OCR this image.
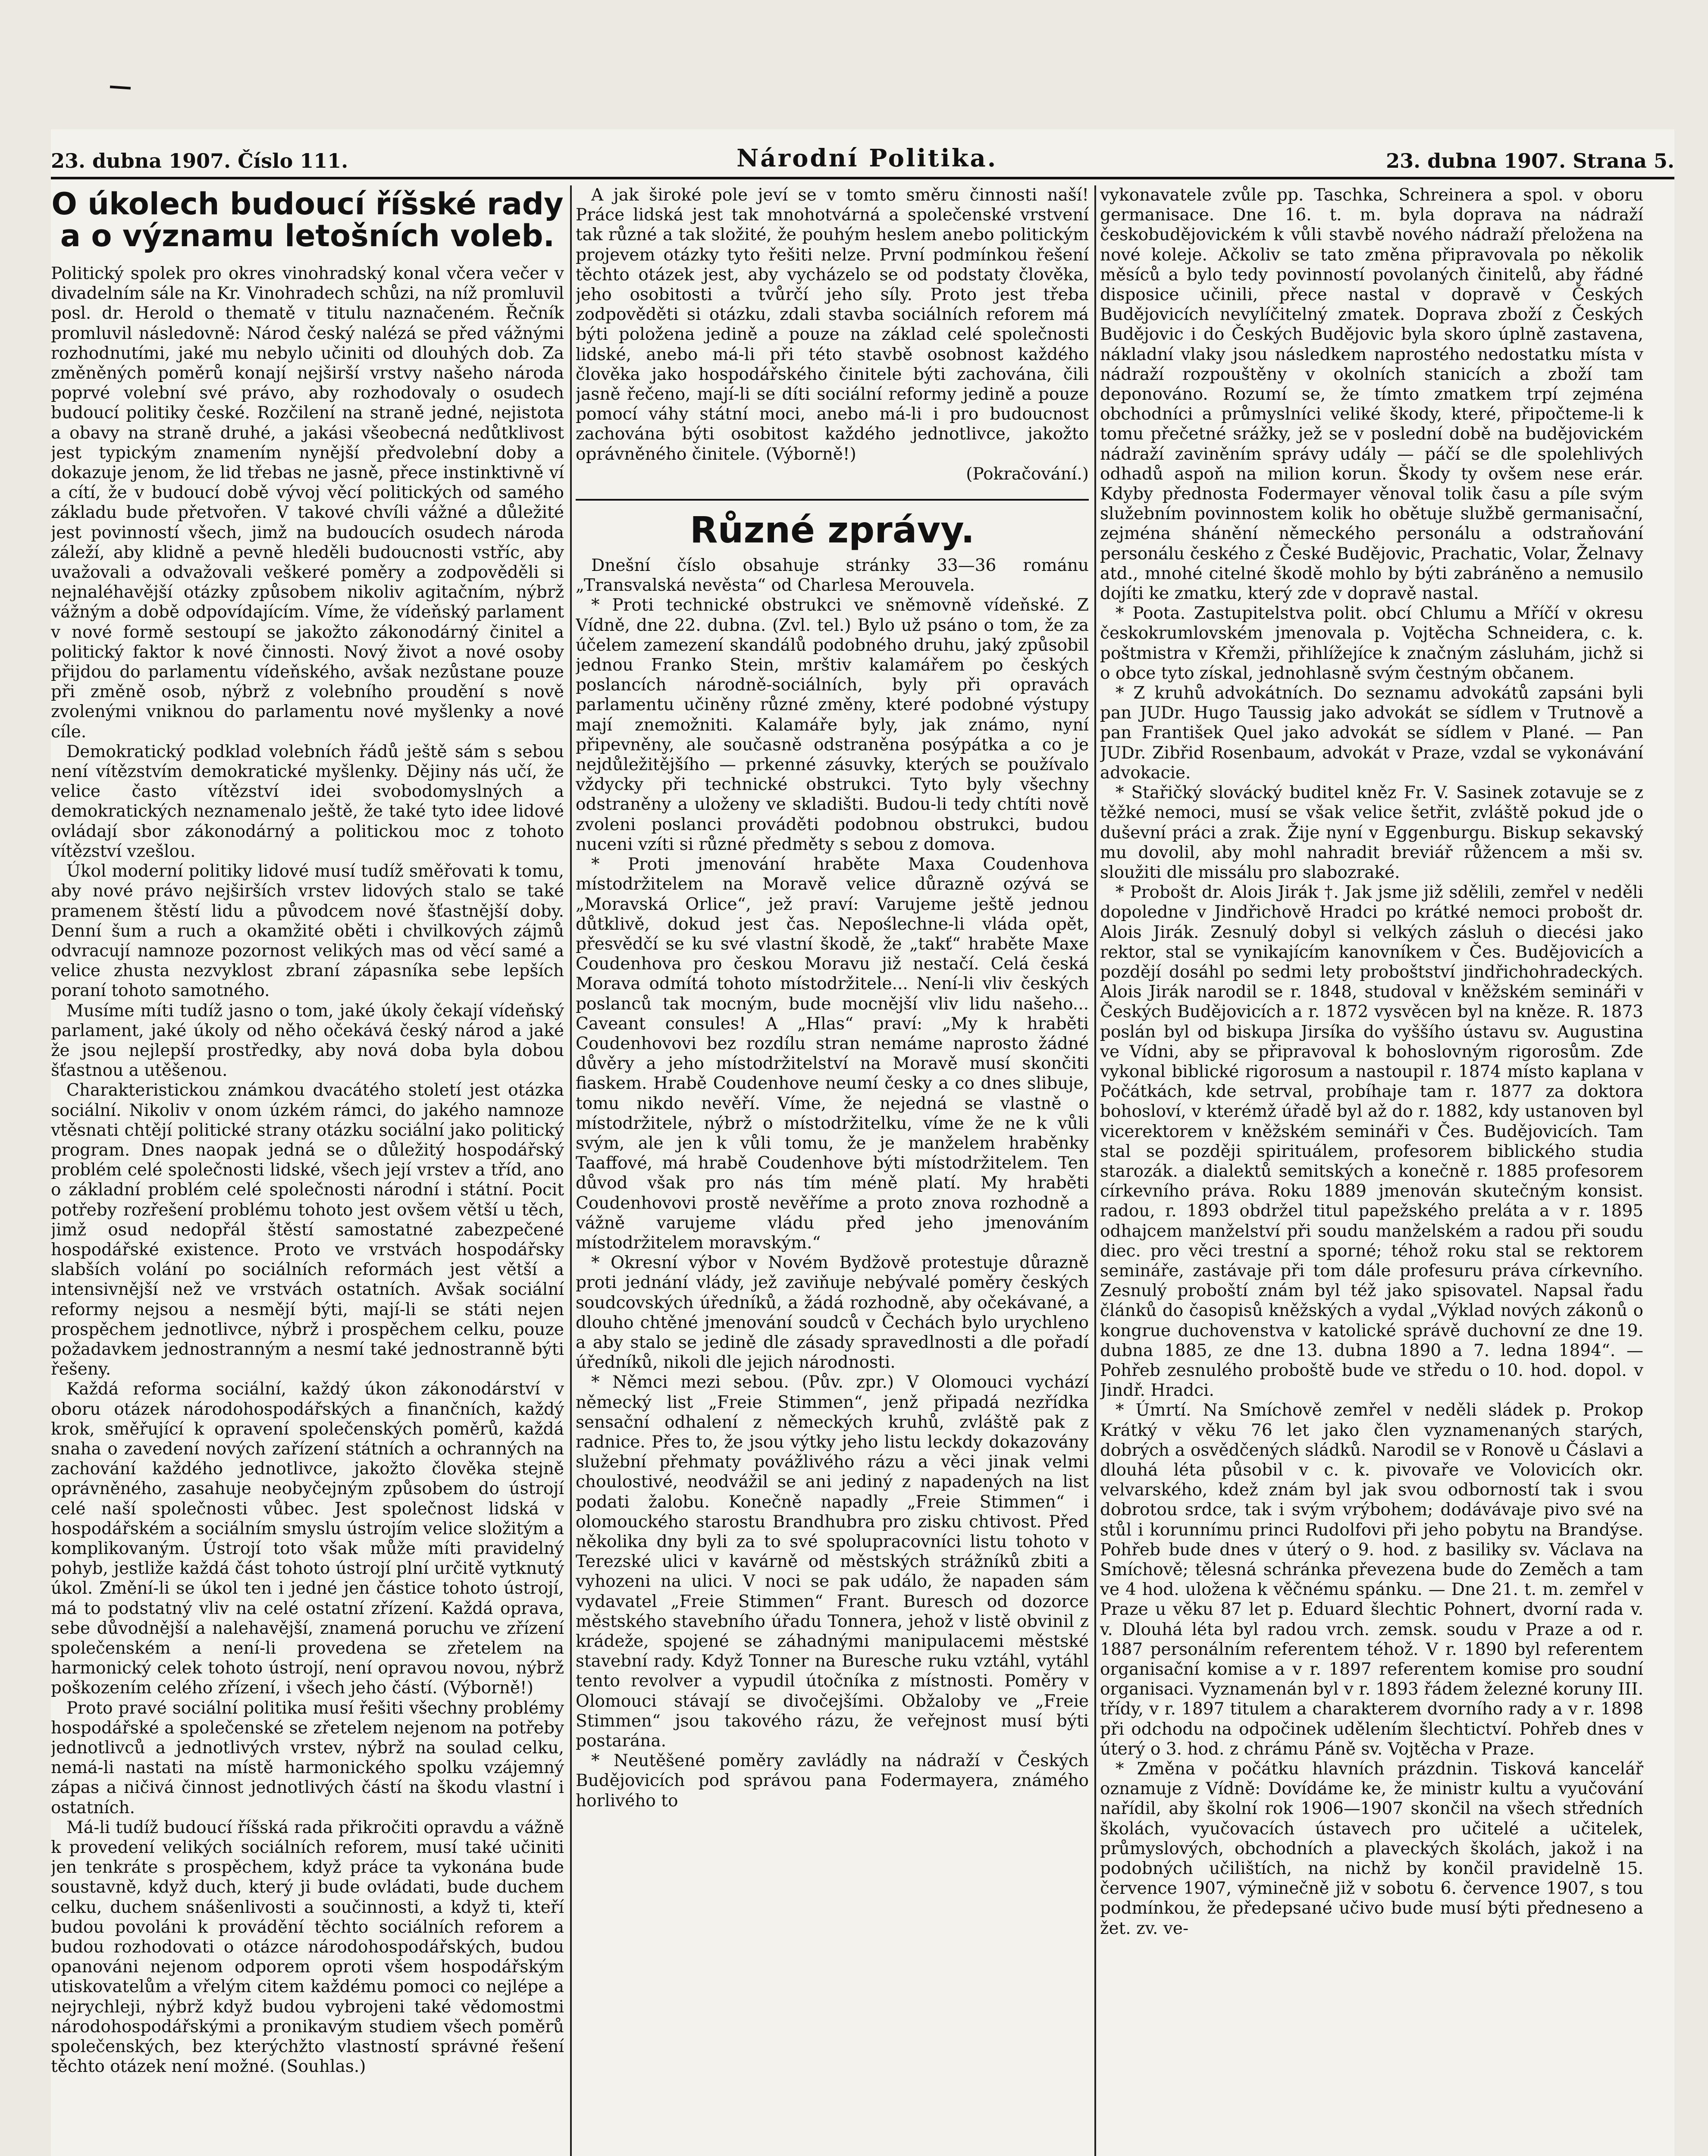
23. dubna 1907. Číslo 111.	Národní Politika.	23. dubna 1907. Strana 5.
O úkolech budoucí říšské rady a o významu letošních voleb.

Politický spolek pro okres vinohradský konal včera večer v divadelním sále na Kr. Vinohradech schůzi, na níž promluvil posl. dr. Herold o thematě v titulu naznačeném. Řečník promluvil následovně: Národ český nalézá se před vážnými rozhodnutími, jaké mu nebylo učiniti od dlouhých dob. Za změněných poměrů konají nejširší vrstvy našeho národa poprvé volební své právo, aby rozhodovaly o osudech budoucí politiky české. Rozčilení na straně jedné, nejistota a obavy na straně druhé, a jakási všeobecná nedůtklivost jest typickým znamením nynější předvolební doby a dokazuje jenom, že lid třebas ne jasně, přece instinktivně ví a cítí, že v budoucí době vývoj věcí politických od samého základu bude přetvořen. V takové chvíli vážné a důležité jest povinností všech, jimž na budoucích osudech národa záleží, aby klidně a pevně hleděli budoucnosti vstříc, aby uvažovali a odvažovali veškeré poměry a zodpověděli si nejnaléhavější otázky způsobem nikoliv agitačním, nýbrž vážným a době odpovídajícím. Víme, že vídeňský parlament v nové formě sestoupí se jakožto zákonodárný činitel a politický faktor k nové činnosti. Nový život a nové osoby přijdou do parlamentu vídeňského, avšak nezůstane pouze při změně osob, nýbrž z volebního proudění s nově zvolenými vniknou do parlamentu nové myšlenky a nové cíle.

Demokratický podklad volebních řádů ještě sám s sebou není vítězstvím demokratické myšlenky. Dějiny nás učí, že velice často vítězství idei svobodomyslných a demokratických neznamenalo ještě, že také tyto idee lidové ovládají sbor zákonodárný a politickou moc z tohoto vítězství vzešlou.

Úkol moderní politiky lidové musí tudíž směřovati k tomu, aby nové právo nejširších vrstev lidových stalo se také pramenem štěstí lidu a původcem nové šťastnější doby. Denní šum a ruch a okamžité oběti i chvilkových zájmů odvracují namnoze pozornost velikých mas od věcí samé a velice zhusta nezvyklost zbraní zápasníka sebe lepších poraní tohoto samotného.

Musíme míti tudíž jasno o tom, jaké úkoly čekají vídeňský parlament, jaké úkoly od něho očekává český národ a jaké že jsou nejlepší prostředky, aby nová doba byla dobou šťastnou a utěšenou.

Charakteristickou známkou dvacátého století jest otázka sociální. Nikoliv v onom úzkém rámci, do jakého namnoze vtěsnati chtějí politické strany otázku sociální jako politický program. Dnes naopak jedná se o důležitý hospodářský problém celé společnosti lidské, všech její vrstev a tříd, ano o základní problém celé společnosti národní i státní. Pocit potřeby rozřešení problému tohoto jest ovšem větší u těch, jimž osud nedopřál štěstí samostatné zabezpečené hospodářské existence. Proto ve vrstvách hospodářsky slabších volání po sociálních reformách jest větší a intensivnější než ve vrstvách ostatních. Avšak sociální reformy nejsou a nesmějí býti, mají-li se státi nejen prospěchem jednotlivce, nýbrž i prospěchem celku, pouze požadavkem jednostranným a nesmí také jednostranně býti řešeny.

Každá reforma sociální, každý úkon zákonodárství v oboru otázek národohospodářských a finančních, každý krok, směřující k opravení společenských poměrů, každá snaha o zavedení nových zařízení státních a ochranných na zachování každého jednotlivce, jakožto člověka stejně oprávněného, zasahuje neobyčejným způsobem do ústrojí celé naší společnosti vůbec. Jest společnost lidská v hospodářském a sociálním smyslu ústrojím velice složitým a komplikovaným. Ústrojí toto však může míti pravidelný pohyb, jestliže každá část tohoto ústrojí plní určitě vytknutý úkol. Změní-li se úkol ten i jedné jen částice tohoto ústrojí, má to podstatný vliv na celé ostatní zřízení. Každá oprava, sebe důvodnější a nalehavější, znamená poruchu ve zřízení společenském a není-li provedena se zřetelem na harmonický celek tohoto ústrojí, není opravou novou, nýbrž poškozením celého zřízení, i všech jeho částí. (Výborně!)

Proto pravé sociální politika musí řešiti všechny problémy hospodářské a společenské se zřetelem nejenom na potřeby jednotlivců a jednotlivých vrstev, nýbrž na soulad celku, nemá-li nastati na místě harmonického spolku vzájemný zápas a ničivá činnost jednotlivých částí na škodu vlastní i ostatních.

Má-li tudíž budoucí říšská rada přikročiti opravdu a vážně k provedení velikých sociálních reforem, musí také učiniti jen tenkráte s prospěchem, když práce ta vykonána bude soustavně, když duch, který ji bude ovládati, bude duchem celku, duchem snášenlivosti a součinnosti, a když ti, kteří budou povoláni k provádění těchto sociálních reforem a budou rozhodovati o otázce národohospodářských, budou opanováni nejenom odporem oproti všem hospodářským utiskovatelům a vřelým citem každému pomoci co nejlépe a nejrychleji, nýbrž když budou vybrojeni také vědomostmi národohospodářskými a pronikavým studiem všech poměrů společenských, bez kterýchžto vlastností správné řešení těchto otázek není možné. (Souhlas.)

A jak široké pole jeví se v tomto směru činnosti naší! Práce lidská jest tak mnohotvárná a společenské vrstvení tak různé a tak složité, že pouhým heslem anebo politickým projevem otázky tyto řešiti nelze. První podmínkou řešení těchto otázek jest, aby vycházelo se od podstaty člověka, jeho osobitosti a tvůrčí jeho síly. Proto jest třeba zodpověděti si otázku, zdali stavba sociálních reforem má býti položena jedině a pouze na základ celé společnosti lidské, anebo má-li při této stavbě osobnost každého člověka jako hospodářského činitele býti zachována, čili jasně řečeno, mají-li se díti sociální reformy jedině a pouze pomocí váhy státní moci, anebo má-li i pro budoucnost zachována býti osobitost každého jednotlivce, jakožto oprávněného činitele. (Výborně!)

(Pokračování.)

Různé zprávy.

Dnešní číslo obsahuje stránky 33—36 románu „Transvalská nevěsta“ od Charlesa Merouvela.

* Proti technické obstrukci ve sněmovně vídeňské. Z Vídně, dne 22. dubna. (Zvl. tel.) Bylo už psáno o tom, že za účelem zamezení skandálů podobného druhu, jaký způsobil jednou Franko Stein, mrštiv kalamářem po českých poslancích národně-sociálních, byly při opravách parlamentu učiněny různé změny, které podobné výstupy mají znemožniti. Kalamáře byly, jak známo, nyní připevněny, ale současně odstraněna posýpátka a co je nejdůležitějšího — prkenné zásuvky, kterých se používalo vždycky při technické obstrukci. Tyto byly všechny odstraněny a uloženy ve skladišti. Budou-li tedy chtíti nově zvoleni poslanci prováděti podobnou obstrukci, budou nuceni vzíti si různé předměty s sebou z domova.

* Proti jmenování hraběte Maxa Coudenhova místodržitelem na Moravě velice důrazně ozývá se „Moravská Orlice“, jež praví: Varujeme ještě jednou důtklivě, dokud jest čas. Nepoślechne-li vláda opět, přesvědčí se ku své vlastní škodě, že „takť“ hraběte Maxe Coudenhova pro českou Moravu již nestačí. Celá česká Morava odmítá tohoto místodržitele... Není-li vliv českých poslanců tak mocným, bude mocnější vliv lidu našeho... Caveant consules! A „Hlas“ praví: „My k hraběti Coudenhovovi bez rozdílu stran nemáme naprosto žádné důvěry a jeho místodržitelství na Moravě musí skončiti fiaskem. Hrabě Coudenhove neumí česky a co dnes slibuje, tomu nikdo nevěří. Víme, že nejedná se vlastně o místodržitele, nýbrž o místodržitelku, víme že ne k vůli svým, ale jen k vůli tomu, že je manželem hraběnky Taaffové, má hrabě Coudenhove býti místodržitelem. Ten důvod však pro nás tím méně platí. My hraběti Coudenhovovi prostě nevěříme a proto znova rozhodně a vážně varujeme vládu před jeho jmenováním místodržitelem moravským.“

* Okresní výbor v Novém Bydžově protestuje důrazně proti jednání vlády, jež zaviňuje nebývalé poměry českých soudcovských úředníků, a žádá rozhodně, aby očekávané, a dlouho chtěné jmenování soudců v Čechách bylo urychleno a aby stalo se jedině dle zásady spravedlnosti a dle pořadí úředníků, nikoli dle jejich národnosti.

* Němci mezi sebou. (Pův. zpr.) V Olomouci vychází německý list „Freie Stimmen“, jenž připadá nezřídka sensační odhalení z německých kruhů, zvláště pak z radnice. Přes to, že jsou výtky jeho listu leckdy dokazovány služební přehmaty povážlivého rázu a věci jinak velmi choulostivé, neodvážil se ani jediný z napadených na list podati žalobu. Konečně napadly „Freie Stimmen“ i olomouckého starostu Brandhubra pro zisku chtivost. Před několika dny byli za to své spolupracovníci listu tohoto v Terezské ulici v kavárně od městských strážníků zbiti a vyhozeni na ulici. V noci se pak událo, že napaden sám vydavatel „Freie Stimmen“ Frant. Buresch od dozorce městského stavebního úřadu Tonnera, jehož v listě obvinil z krádeže, spojené se záhadnými manipulacemi městské stavební rady. Když Tonner na Bureschе ruku vztáhl, vytáhl tento revolver a vypudil útočníka z místnosti. Poměry v Olomouci stávají se divočejšími. Obžaloby ve „Freie Stimmen“ jsou takového rázu, že veřejnost musí býti postarána.

* Neutěšené poměry zavládly na nádraží v Českých Budějovicích pod správou pana Fodermayera, známého horlivého to

vykonavatele zvůle pp. Taschka, Schreinera a spol. v oboru germanisace. Dne 16. t. m. byla doprava na nádraží českobudějovickém k vůli stavbě nového nádraží přeložena na nové koleje. Ačkoliv se tato změna připravovala po několik měsíců a bylo tedy povinností povolaných činitelů, aby řádné disposice učinili, přece nastal v dopravě v Českých Budějovicích nevylíčitelný zmatek. Doprava zboží z Českých Budějovic i do Českých Budějovic byla skoro úplně zastavena, nákladní vlaky jsou následkem naprostého nedostatku místa v nádraží rozpouštěny v okolních stanicích a zboží tam deponováno. Rozumí se, že tímto zmatkem trpí zejména obchodníci a průmyslníci veliké škody, které, připočteme-li k tomu přečetné srážky, jež se v poslední době na budějovickém nádraží zaviněním správy udály — páčí se dle spolehlivých odhadů aspoň na milion korun. Škody ty ovšem nese erár. Kdyby přednosta Fodermayer věnoval tolik času a píle svým služebním povinnostem kolik ho obětuje službě germanisační, zejména shánění německého personálu a odstraňování personálu českého z České Budějovic, Prachatic, Volar, Želnavy atd., mnohé citelné škodě mohlo by býti zabráněno a nemusilo dojíti ke zmatku, který zde v dopravě nastal.

* Poota. Zastupitelstva polit. obcí Chlumu a Mříčí v okresu českokrumlovském jmenovala p. Vojtěcha Schneidera, c. k. poštmistra v Křemži, přihlížejíce k značným zásluhám, jichž si o obce tyto získal, jednohlasně svým čestným občanem.

* Z kruhů advokátních. Do seznamu advokátů zapsáni byli pan JUDr. Hugo Taussig jako advokát se sídlem v Trutnově a pan František Quel jako advokát se sídlem v Plané. — Pan JUDr. Zibřid Rosenbaum, advokát v Praze, vzdal se vykonávání advokacie.

* Stařičký slovácký buditel kněz Fr. V. Sasinek zotavuje se z těžké nemoci, musí se však velice šetřit, zvláště pokud jde o duševní práci a zrak. Žije nyní v Eggenburgu. Biskup sekavský mu dovolil, aby mohl nahradit breviář růžencem a mši sv. sloužiti dle missálu pro slabozraké.

* Probošt dr. Alois Jirák †. Jak jsme již sdělili, zemřel v neděli dopoledne v Jindřichově Hradci po krátké nemoci probošt dr. Alois Jirák. Zesnulý dobyl si velkých zásluh o diecési jako rektor, stal se vynikajícím kanovníkem v Čes. Budějovicích a pozdějí dosáhl po sedmi lety proboštství jindřichohradeckých. Alois Jirák narodil se r. 1848, studoval v kněžském semináři v Českých Budějovicích a r. 1872 vysvěcen byl na kněze. R. 1873 poslán byl od biskupa Jirsíka do vyššího ústavu sv. Augustina ve Vídni, aby se připravoval k bohoslovným rigorosům. Zde vykonal biblické rigorosum a nastoupil r. 1874 místo kaplana v Počátkách, kde setrval, probíhaje tam r. 1877 za doktora bohosloví, v kterémž úřadě byl až do r. 1882, kdy ustanoven byl vicerektorem v kněžském semináři v Čes. Budějovicích. Tam stal se později spirituálem, profesorem biblického studia starozák. a dialektů semitských a konečně r. 1885 profesorem církevního práva. Roku 1889 jmenován skutečným konsist. radou, r. 1893 obdržel titul papežského preláta a v r. 1895 odhajcem manželství při soudu manželském a radou při soudu diec. pro věci trestní a sporné; téhož roku stal se rektorem semináře, zastávaje při tom dále profesuru práva církevního. Zesnulý proboští znám byl též jako spisovatel. Napsal řadu článků do časopisů kněžských a vydal „Výklad nových zákonů o kongrue duchovenstva v katolické správě duchovní ze dne 19. dubna 1885, ze dne 13. dubna 1890 a 7. ledna 1894“. — Pohřeb zesnulého proboště bude ve středu o 10. hod. dopol. v Jindř. Hradci.

* Úmrtí. Na Smíchově zemřel v neděli sládek p. Prokop Krátký v věku 76 let jako člen vyznamenaných starých, dobrých a osvědčených sládků. Narodil se v Ronově u Čáslavi a dlouhá léta působil v c. k. pivovaře ve Volovicích okr. velvarského, kdež znám byl jak svou odborností tak i svou dobrotou srdce, tak i svým vrýbohem; dodávávaje pivo své na stůl i korunnímu princi Rudolfovi při jeho pobytu na Brandýse. Pohřeb bude dnes v úterý o 9. hod. z basiliky sv. Václava na Smíchově; tělesná schránka převezena bude do Zeměch a tam ve 4 hod. uložena k věčnému spánku. — Dne 21. t. m. zemřel v Praze u věku 87 let p. Eduard šlechtic Pohnert, dvorní rada v. v. Dlouhá léta byl radou vrch. zemsk. soudu v Praze a od r. 1887 personálním referentem téhož. V r. 1890 byl referentem organisační komise a v r. 1897 referentem komise pro soudní organisaci. Vyznamenán byl v r. 1893 řádem železné koruny III. třídy, v r. 1897 titulem a charakterem dvorního rady a v r. 1898 při odchodu na odpočinek udělením šlechtictví. Pohřeb dnes v úterý o 3. hod. z chrámu Páně sv. Vojtěcha v Praze.

* Změna v počátku hlavních prázdnin. Tisková kancelář oznamuje z Vídně: Dovídáme ke, že ministr kultu a vyučování nařídil, aby školní rok 1906—1907 skončil na všech středních školách, vyučovacích ústavech pro učitelé a učitelek, průmyslových, obchodních a plaveckých školách, jakož i na podobných učilištích, na nichž by končil pravidelně 15. července 1907, výminečně již v sobotu 6. července 1907, s tou podmínkou, že předepsané učivo bude musí býti předneseno a žet. zv. ve-
